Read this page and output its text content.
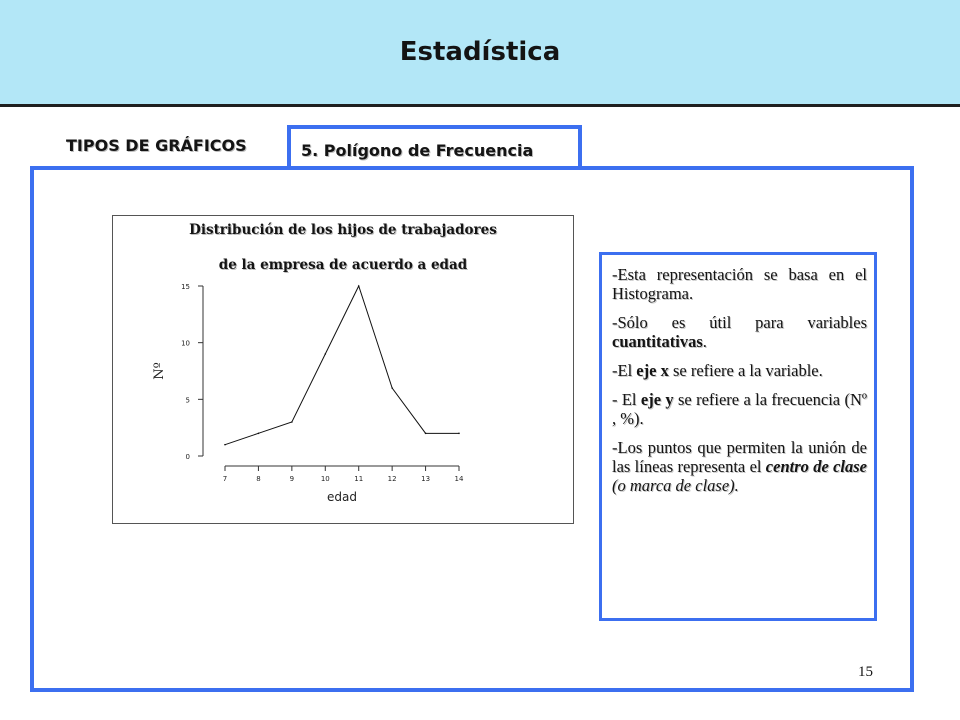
Estadística
TIPOS DE GRÁFICOS	5. Polígono de Frecuencia
Distribución de los hijos de trabajadores
de la empresa de acuerdo a edad
0
5
10
15
7	8	9	10	11	12	13	14
edad
Nº

-Esta representación se basa en el Histograma.

-Sólo es útil para variables cuantitativas.

-El eje x se refiere a la variable.

- El eje y se refiere a la frecuencia (Nº , %).

-Los puntos que permiten la unión de las líneas representa el centro de clase (o marca de clase).

15
